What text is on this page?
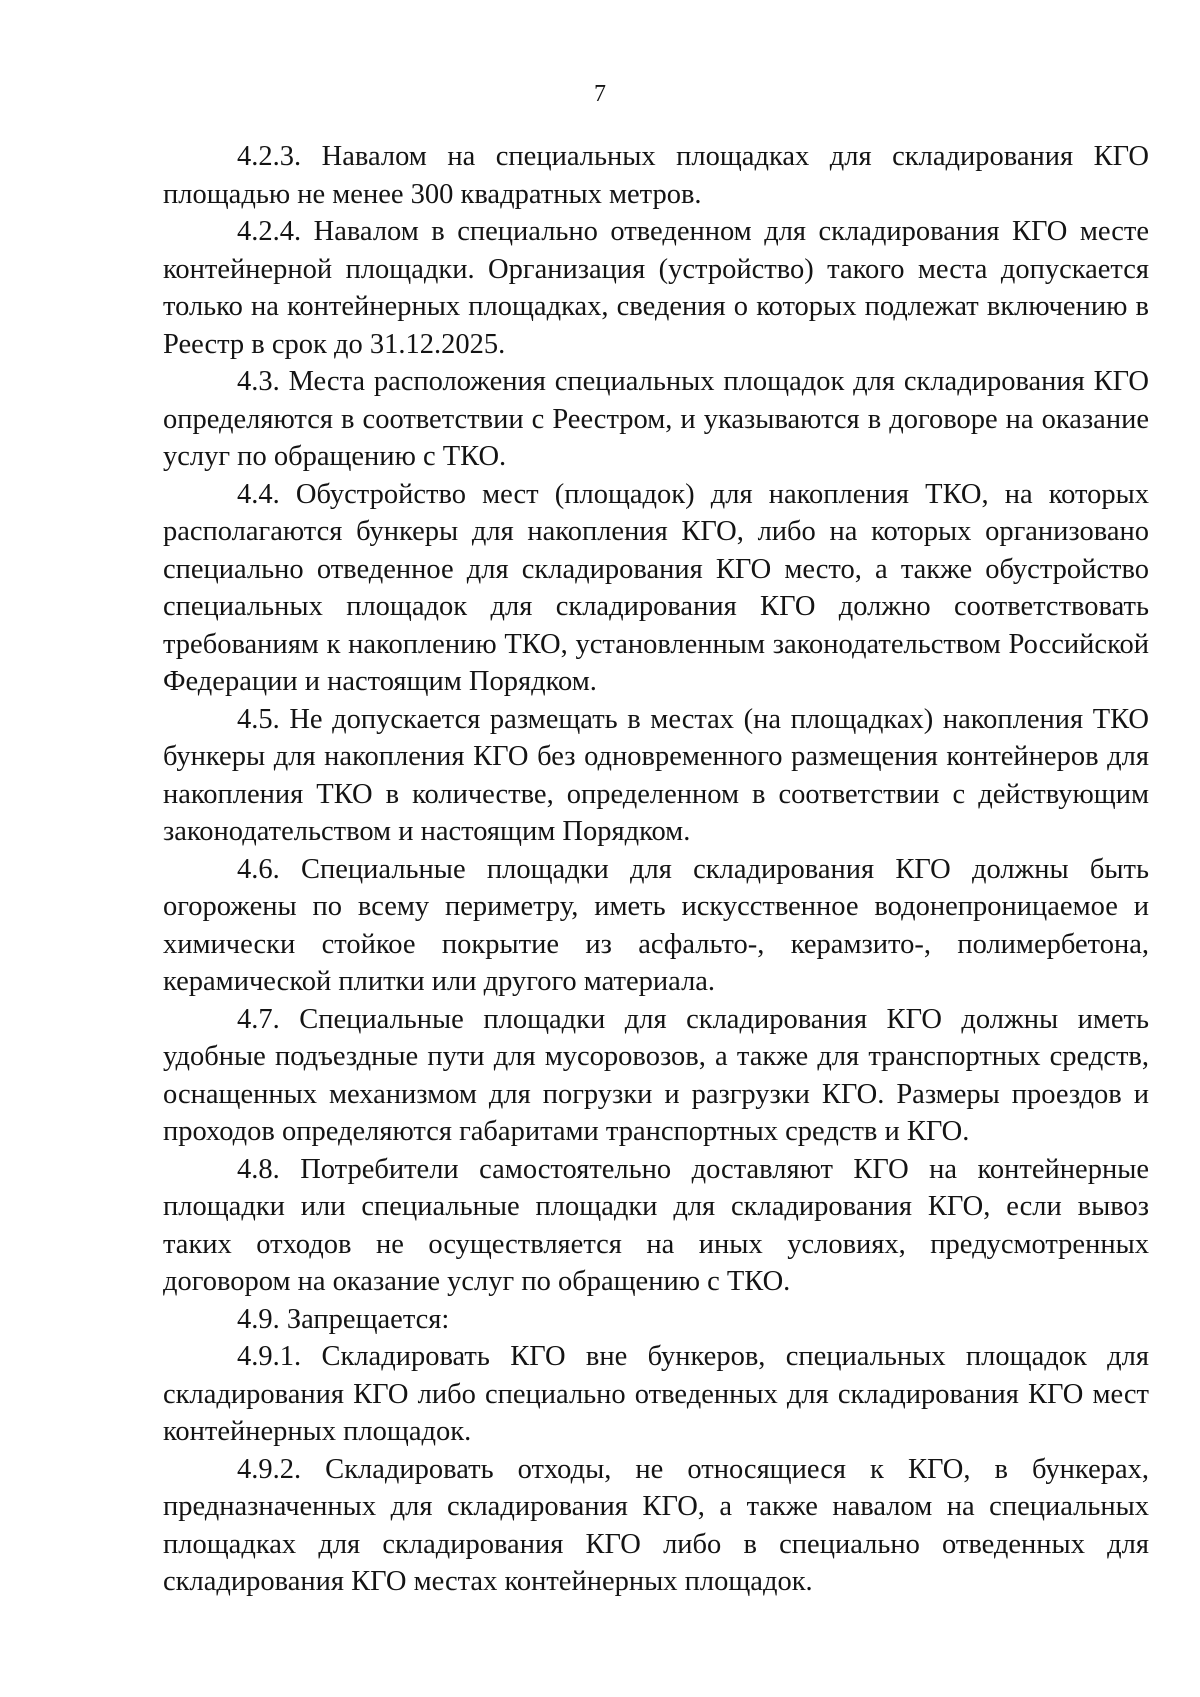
7

4.2.3. Навалом на специальных площадках для складирования КГО площадью не менее 300 квадратных метров.

4.2.4. Навалом в специально отведенном для складирования КГО месте контейнерной площадки. Организация (устройство) такого места допускается только на контейнерных площадках, сведения о которых подлежат включению в Реестр в срок до 31.12.2025.

4.3. Места расположения специальных площадок для складирования КГО определяются в соответствии с Реестром, и указываются в договоре на оказание услуг по обращению с ТКО.

4.4. Обустройство мест (площадок) для накопления ТКО, на которых располагаются бункеры для накопления КГО, либо на которых организовано специально отведенное для складирования КГО место, а также обустройство специальных площадок для складирования КГО должно соответствовать требованиям к накоплению ТКО, установленным законодательством Российской Федерации и настоящим Порядком.

4.5. Не допускается размещать в местах (на площадках) накопления ТКО бункеры для накопления КГО без одновременного размещения контейнеров для накопления ТКО в количестве, определенном в соответствии с действующим законодательством и настоящим Порядком.

4.6. Специальные площадки для складирования КГО должны быть огорожены по всему периметру, иметь искусственное водонепроницаемое и химически стойкое покрытие из асфальто-, керамзито-, полимербетона, керамической плитки или другого материала.

4.7. Специальные площадки для складирования КГО должны иметь удобные подъездные пути для мусоровозов, а также для транспортных средств, оснащенных механизмом для погрузки и разгрузки КГО. Размеры проездов и проходов определяются габаритами транспортных средств и КГО.

4.8. Потребители самостоятельно доставляют КГО на контейнерные площадки или специальные площадки для складирования КГО, если вывоз таких отходов не осуществляется на иных условиях, предусмотренных договором на оказание услуг по обращению с ТКО.

4.9. Запрещается:

4.9.1. Складировать КГО вне бункеров, специальных площадок для складирования КГО либо специально отведенных для складирования КГО мест контейнерных площадок.

4.9.2. Складировать отходы, не относящиеся к КГО, в бункерах, предназначенных для складирования КГО, а также навалом на специальных площадках для складирования КГО либо в специально отведенных для складирования КГО местах контейнерных площадок.
